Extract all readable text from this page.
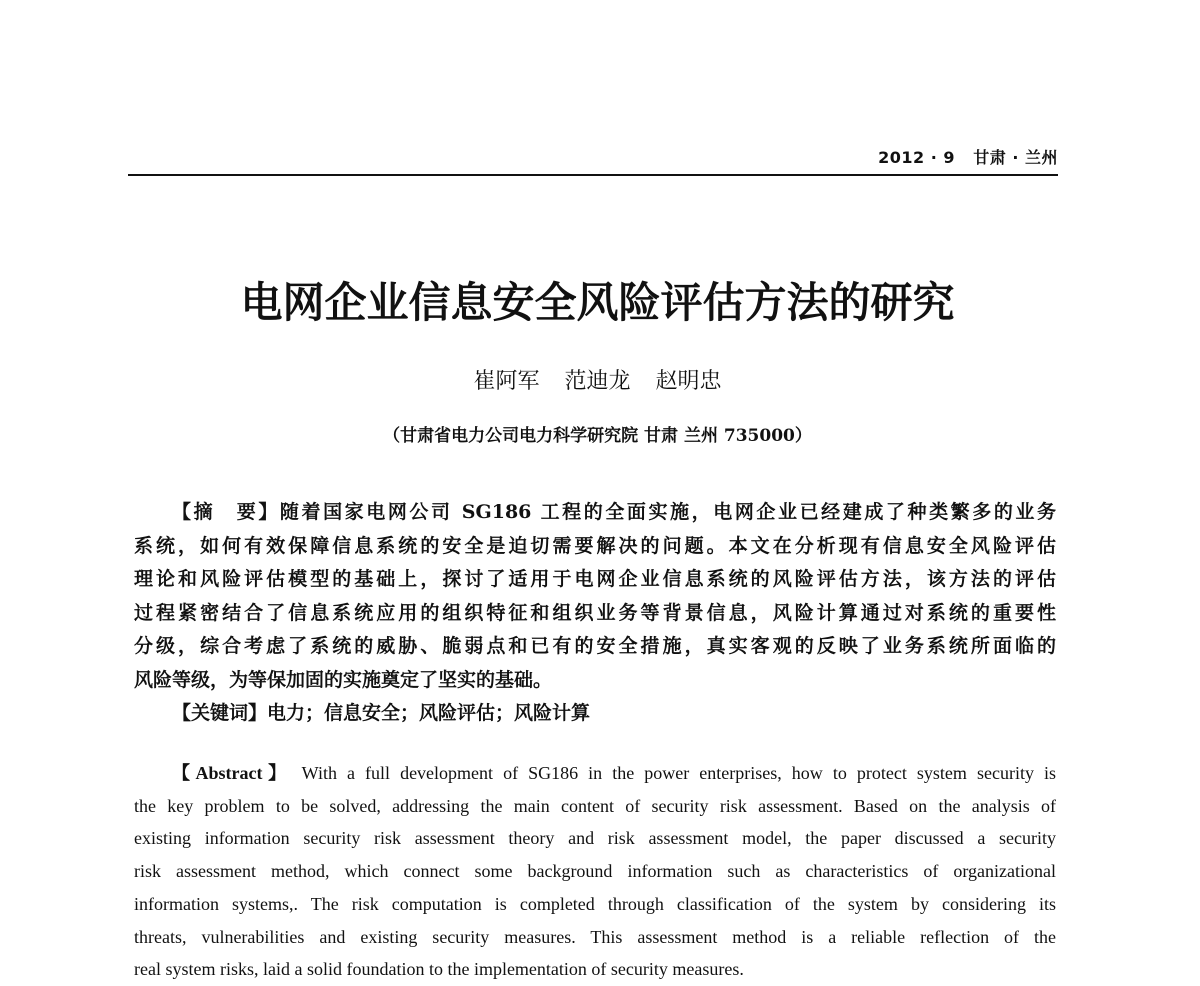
2012 · 9 甘肃 · 兰州
电网企业信息安全风险评估方法的研究
崔阿军 范迪龙 赵明忠
（甘肃省电力公司电力科学研究院 甘肃 兰州 735000）
【摘　要】随着国家电网公司 SG186 工程的全面实施，电网企业已经建成了种类繁多的业务
系统，如何有效保障信息系统的安全是迫切需要解决的问题。本文在分析现有信息安全风险评估
理论和风险评估模型的基础上，探讨了适用于电网企业信息系统的风险评估方法，该方法的评估
过程紧密结合了信息系统应用的组织特征和组织业务等背景信息，风险计算通过对系统的重要性
分级，综合考虑了系统的威胁、脆弱点和已有的安全措施，真实客观的反映了业务系统所面临的
风险等级，为等保加固的实施奠定了坚实的基础。
【关键词】电力；信息安全；风险评估；风险计算
【Abstract】 With a full development of SG186 in the power enterprises, how to protect system security is
the key problem to be solved, addressing the main content of security risk assessment. Based on the analysis of
existing information security risk assessment theory and risk assessment model, the paper discussed a security
risk assessment method, which connect some background information such as characteristics of organizational
information systems,. The risk computation is completed through classification of the system by considering its
threats, vulnerabilities and existing security measures. This assessment method is a reliable reflection of the
real system risks, laid a solid foundation to the implementation of security measures.
